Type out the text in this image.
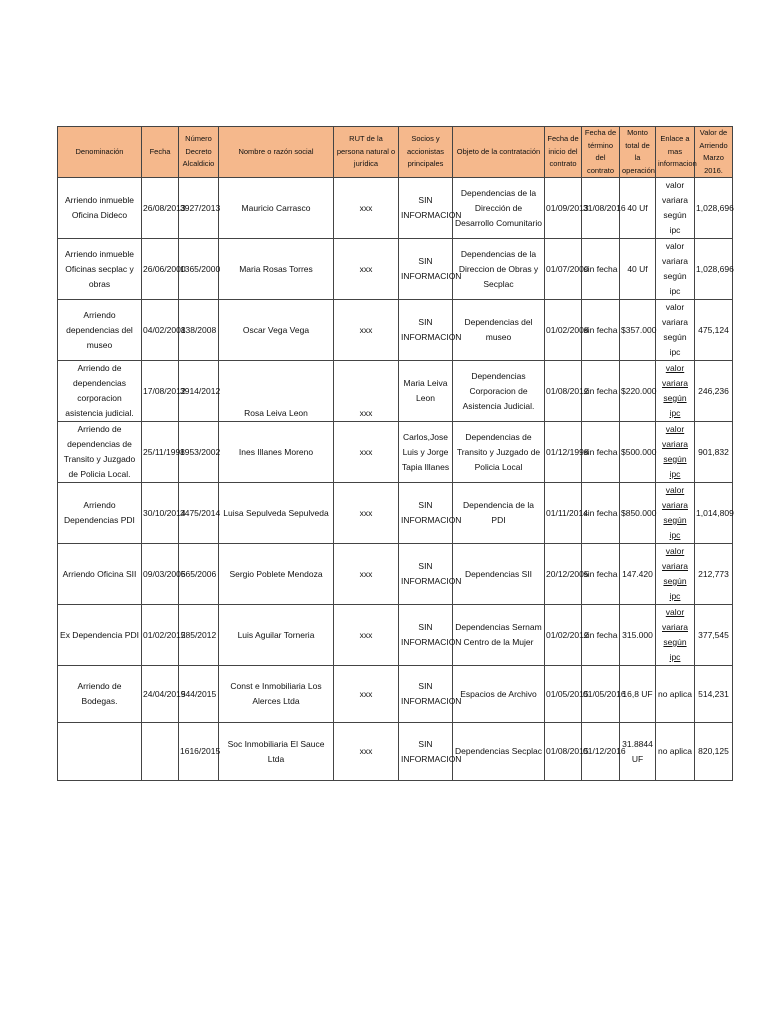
Denominación	Fecha	Número Decreto Alcaldicio	Nombre o razón social	RUT de la persona natural o jurídica	Socios y accionistas principales	Objeto de la contratación	Fecha de inicio del contrato	Fecha de término del contrato	Monto total de la operación	Enlace a mas informacion	Valor de Arriendo Marzo 2016.
Arriendo inmueble Oficina Dideco	26/08/2013	3927/2013	Mauricio Carrasco	xxx	SIN INFORMACION	Dependencias de la Dirección de Desarrollo Comunitario	01/09/2013	31/08/2016	40 Uf	valor variara según ipc	1,028,696
Arriendo inmueble Oficinas secplac y obras	26/06/2000	1365/2000	Maria Rosas Torres	xxx	SIN INFORMACION	Dependencias de la Direccion de Obras y Secplac	01/07/2000	sin fecha	40 Uf	valor variara según ipc	1,028,696
Arriendo dependencias del museo	04/02/2008	138/2008	Oscar Vega Vega	xxx	SIN INFORMACION	Dependencias del museo	01/02/2008	sin fecha	$357.000	valor variara según ipc	475,124
Arriendo de dependencias corporacion asistencia judicial.	17/08/2012	3914/2012	Rosa Leiva Leon	xxx	Maria Leiva Leon	Dependencias Corporacion de Asistencia Judicial.	01/08/2012	sin fecha	$220.000	valor variara según ipc	246,236
Arriendo de dependencias de Transito y Juzgado de Policia Local.	25/11/1998	1953/2002	Ines Illanes Moreno	xxx	Carlos,Jose Luis y Jorge Tapia Illanes	Dependencias de Transito y Juzgado de Policia Local	01/12/1998	sin fecha	$500.000	valor variara según ipc	901,832
Arriendo Dependencias PDI	30/10/2014	3475/2014	Luisa Sepulveda Sepulveda	xxx	SIN INFORMACION	Dependencia de la PDI	01/11/2014	sin fecha	$850.000	valor variara según ipc	1,014,809
Arriendo Oficina SII	09/03/2006	565/2006	Sergio Poblete Mendoza	xxx	SIN INFORMACION	Dependencias SII	20/12/2005	sin fecha	147.420	valor variara según ipc	212,773
Ex Dependencia PDI	01/02/2012	585/2012	Luis Aguilar Torneria	xxx	SIN INFORMACION	Dependencias Sernam Centro de la Mujer	01/02/2012	sin fecha	315.000	valor variara según ipc	377,545
Arriendo de Bodegas.	24/04/2015	944/2015	Const e Inmobiliaria Los Alerces Ltda	xxx	SIN INFORMACION	Espacios de Archivo	01/05/2015	01/05/2016	16,8 UF	no aplica	514,231
		1616/2015	Soc Inmobiliaria El Sauce Ltda	xxx	SIN INFORMACION	Dependencias Secplac	01/08/2015	01/12/2016	31.8844 UF	no aplica	820,125
